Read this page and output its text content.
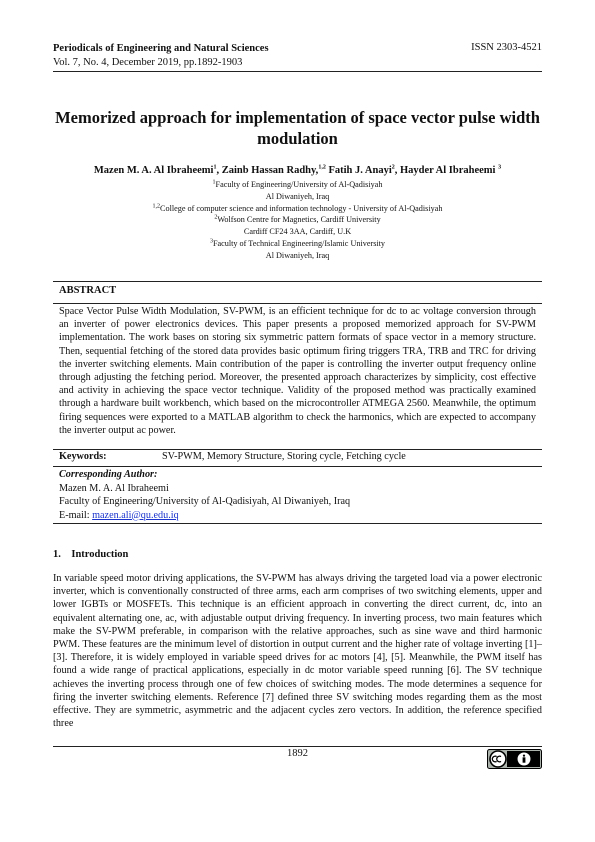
Periodicals of Engineering and Natural Sciences
Vol. 7, No. 4, December 2019, pp.1892-1903
ISSN 2303-4521
Memorized approach for implementation of space vector pulse width modulation
Mazen M. A. Al Ibraheemi$^1$, Zainb Hassan Radhy,$^{1,2}$ Fatih J. Anayi$^2$, Hayder Al Ibraheemi $^3$
$^1$Faculty of Engineering/University of Al-Qadisiyah
Al Diwaniyeh, Iraq
$^{1,2}$College of computer science and information technology - University of Al-Qadisiyah
$^2$Wolfson Centre for Magnetics, Cardiff University
Cardiff CF24 3AA, Cardiff, U.K
$^3$Faculty of Technical Engineering/Islamic University
Al Diwaniyeh, Iraq
ABSTRACT
Space Vector Pulse Width Modulation, SV-PWM, is an efficient technique for dc to ac voltage conversion through an inverter of power electronics devices. This paper presents a proposed memorized approach for SV-PWM implementation. The work bases on storing six symmetric pattern formats of space vector in a memory structure. Then, sequential fetching of the stored data provides basic optimum firing triggers TRA, TRB and TRC for driving the inverter switching elements. Main contribution of the paper is controlling the inverter output frequency online through adjusting the fetching period. Moreover, the presented approach characterizes by simplicity, cost effective and activity in achieving the space vector technique. Validity of the proposed method was practically examined through a hardware built workbench, which based on the microcontroller ATMEGA 2560. Meanwhile, the optimum firing sequences were exported to a MATLAB algorithm to check the harmonics, which are expected to accompany the inverter output ac power.
Keywords:	SV-PWM, Memory Structure, Storing cycle, Fetching cycle
Corresponding Author:
Mazen M. A. Al Ibraheemi
Faculty of Engineering/University of Al-Qadisiyah, Al Diwaniyeh, Iraq
E-mail: mazen.ali@qu.edu.iq
1. Introduction
In variable speed motor driving applications, the SV-PWM has always driving the targeted load via a power electronic inverter, which is conventionally constructed of three arms, each arm comprises of two switching elements, upper and lower IGBTs or MOSFETs. This technique is an efficient approach in converting the direct current, dc, into an equivalent alternating one, ac, with adjustable output driving frequency. In inverting process, two main features which make the SV-PWM preferable, in comparison with the relative approaches, such as sine wave and third harmonic PWM. These features are the minimum level of distortion in output current and the higher rate of voltage inverting [1]–[3]. Therefore, it is widely employed in variable speed drives for ac motors [4], [5]. Meanwhile, the PWM itself has found a wide range of practical applications, especially in dc motor variable speed running [6]. The SV technique achieves the inverting process through one of few choices of switching modes. The mode determines a sequence for firing the inverter switching elements. Reference [7] defined three SV switching modes regarding them as the most effective. They are symmetric, asymmetric and the adjacent cycles zero vectors. In addition, the reference specified three
1892
